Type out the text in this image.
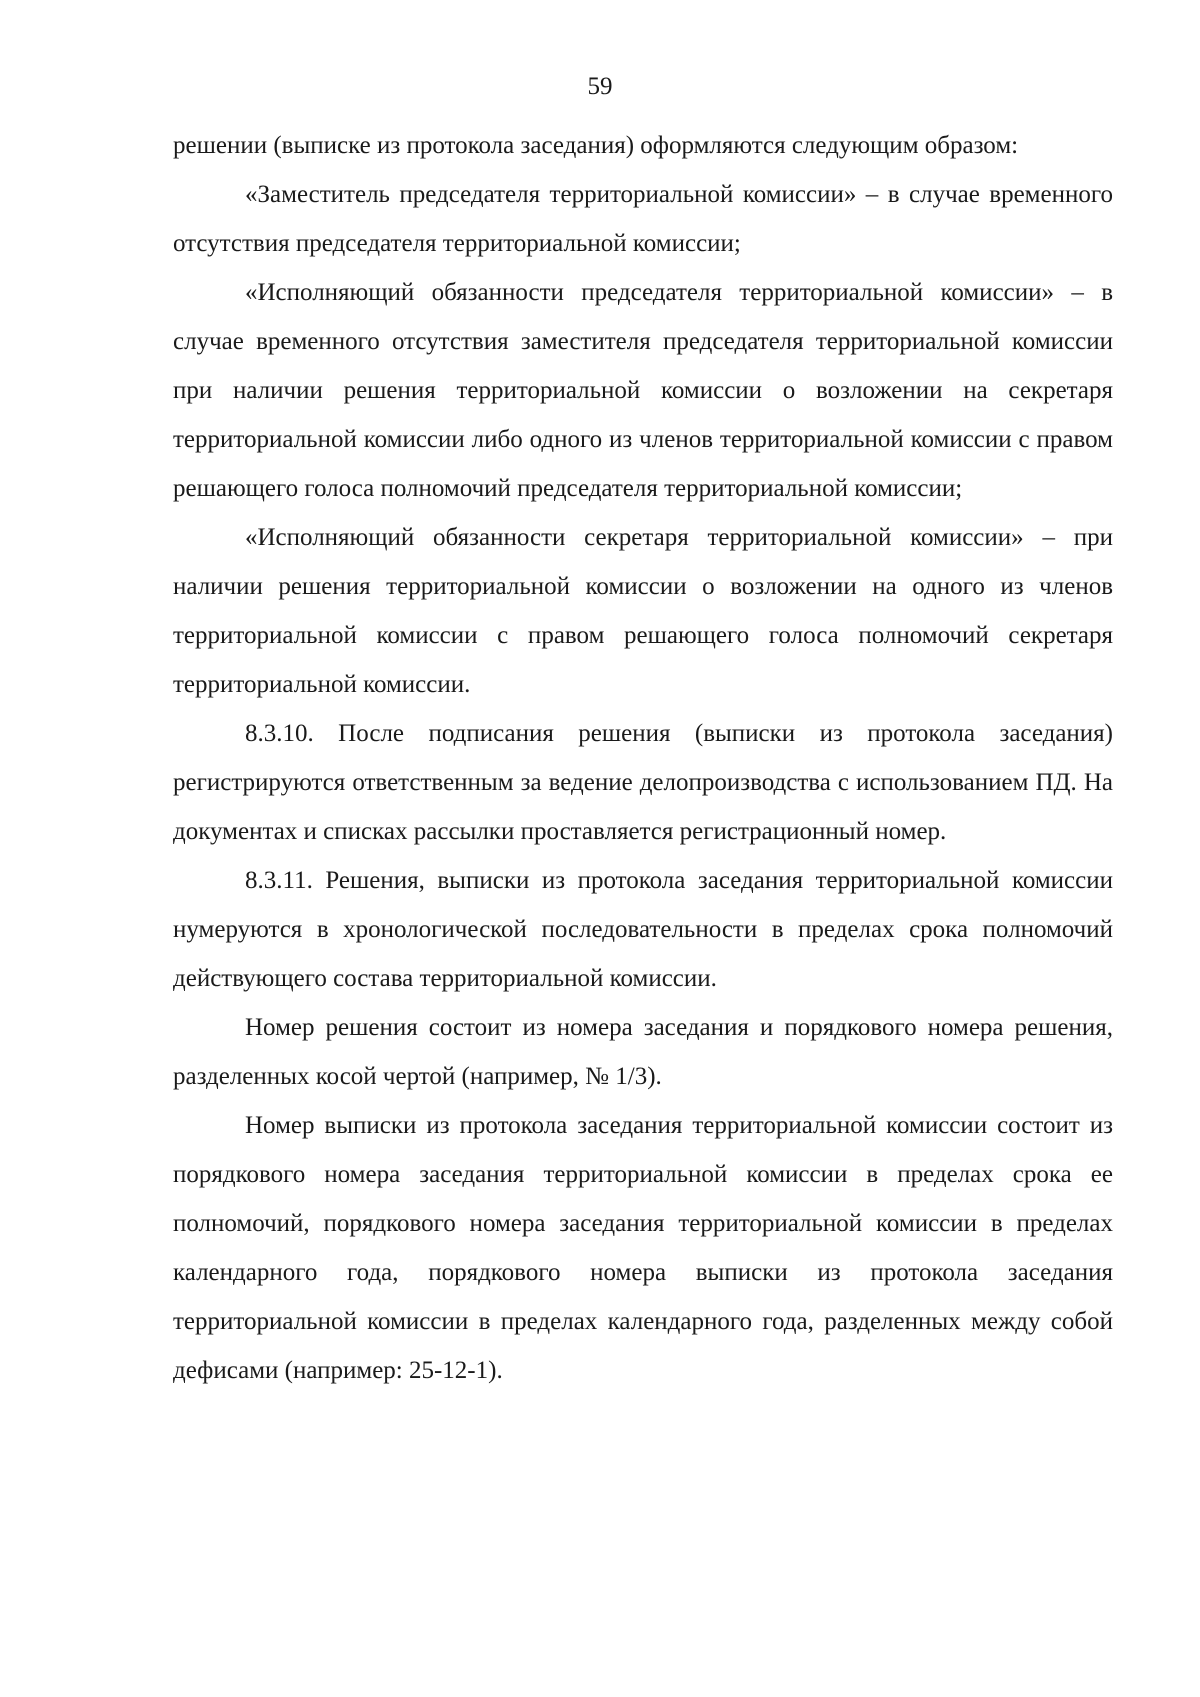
59

решении (выписке из протокола заседания) оформляются следующим образом:

«Заместитель председателя территориальной комиссии» – в случае временного отсутствия председателя территориальной комиссии;

«Исполняющий обязанности председателя территориальной комиссии» – в случае временного отсутствия заместителя председателя территориальной комиссии при наличии решения территориальной комиссии о возложении на секретаря территориальной комиссии либо одного из членов территориальной комиссии с правом решающего голоса полномочий председателя территориальной комиссии;

«Исполняющий обязанности секретаря территориальной комиссии» – при наличии решения территориальной комиссии о возложении на одного из членов территориальной комиссии с правом решающего голоса полномочий секретаря территориальной комиссии.

8.3.10. После подписания решения (выписки из протокола заседания) регистрируются ответственным за ведение делопроизводства с использованием ПД. На документах и списках рассылки проставляется регистрационный номер.

8.3.11. Решения, выписки из протокола заседания территориальной комиссии нумеруются в хронологической последовательности в пределах срока полномочий действующего состава территориальной комиссии.

Номер решения состоит из номера заседания и порядкового номера решения, разделенных косой чертой (например, № 1/3).

Номер выписки из протокола заседания территориальной комиссии состоит из порядкового номера заседания территориальной комиссии в пределах срока ее полномочий, порядкового номера заседания территориальной комиссии в пределах календарного года, порядкового номера выписки из протокола заседания территориальной комиссии в пределах календарного года, разделенных между собой дефисами (например: 25-12-1).
